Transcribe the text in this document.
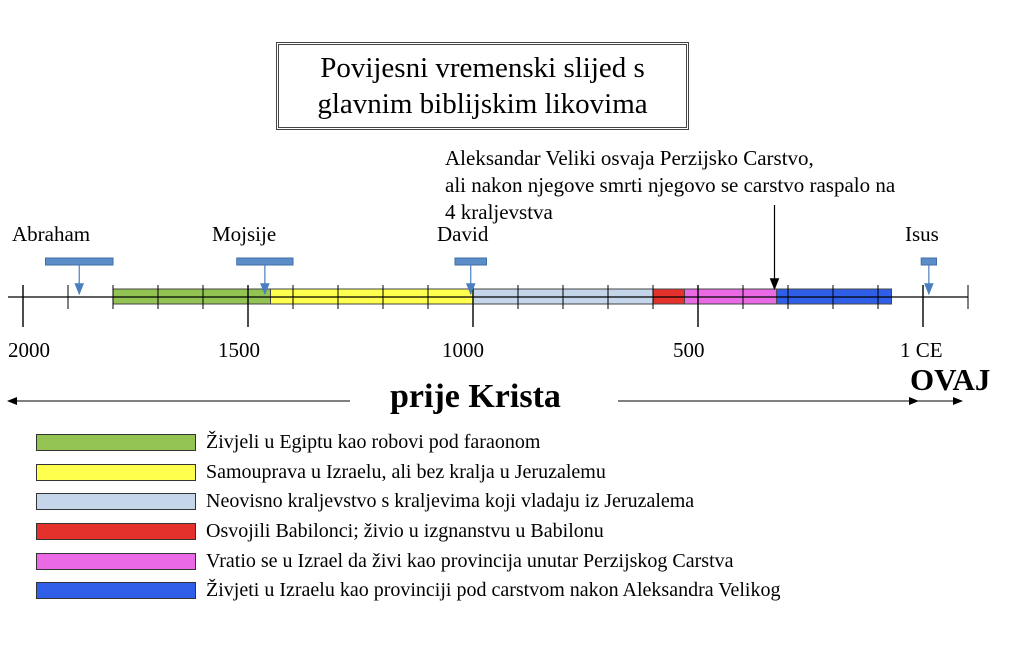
Povijesni vremenski slijed s
glavnim biblijskim likovima
Aleksandar Veliki osvaja Perzijsko Carstvo,
ali nakon njegove smrti njegovo se carstvo raspalo na
4 kraljevstva
Abraham	Mojsije	David	Isus
2000	1500	1000	500	1 CE
prije Krista	OVAJ
Živjeli u Egiptu kao robovi pod faraonom
Samouprava u Izraelu, ali bez kralja u Jeruzalemu
Neovisno kraljevstvo s kraljevima koji vladaju iz Jeruzalema
Osvojili Babilonci; živio u izgnanstvu u Babilonu
Vratio se u Izrael da živi kao provincija unutar Perzijskog Carstva
Živjeti u Izraelu kao provinciji pod carstvom nakon Aleksandra Velikog
